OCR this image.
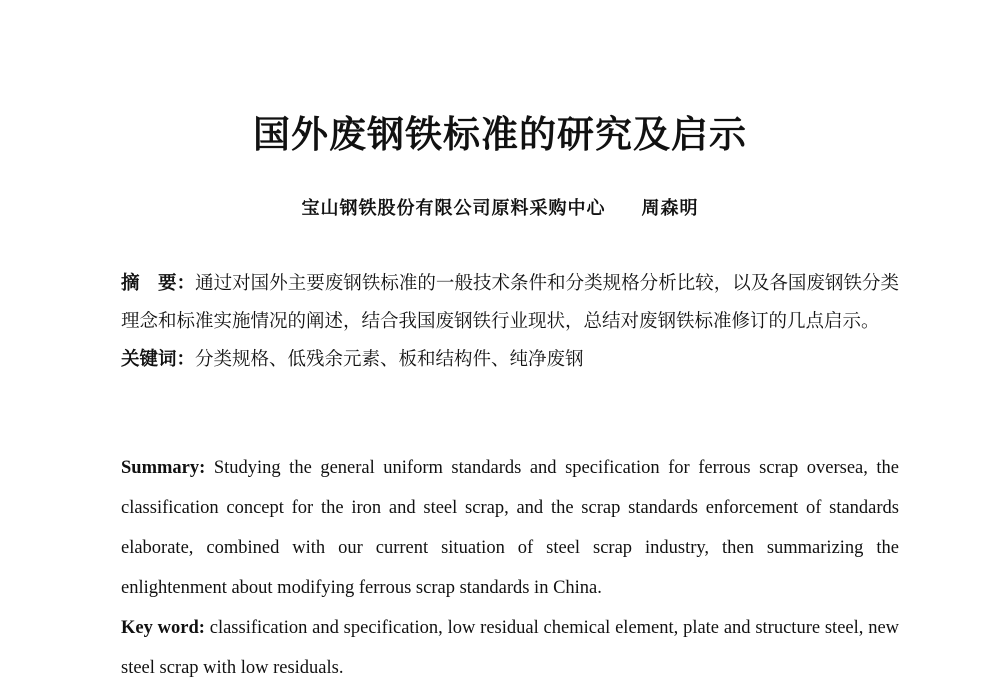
国外废钢铁标准的研究及启示
宝山钢铁股份有限公司原料采购中心 周森明

摘　要：通过对国外主要废钢铁标准的一般技术条件和分类规格分析比较，以及各国废钢铁分类理念和标准实施情况的阐述，结合我国废钢铁行业现状，总结对废钢铁标准修订的几点启示。

关键词：分类规格、低残余元素、板和结构件、纯净废钢

Summary: Studying the general uniform standards and specification for ferrous scrap oversea, the classification concept for the iron and steel scrap, and the scrap standards enforcement of standards elaborate, combined with our current situation of steel scrap industry, then summarizing the enlightenment about modifying ferrous scrap standards in China.

Key word: classification and specification, low residual chemical element, plate and structure steel, new steel scrap with low residuals.
